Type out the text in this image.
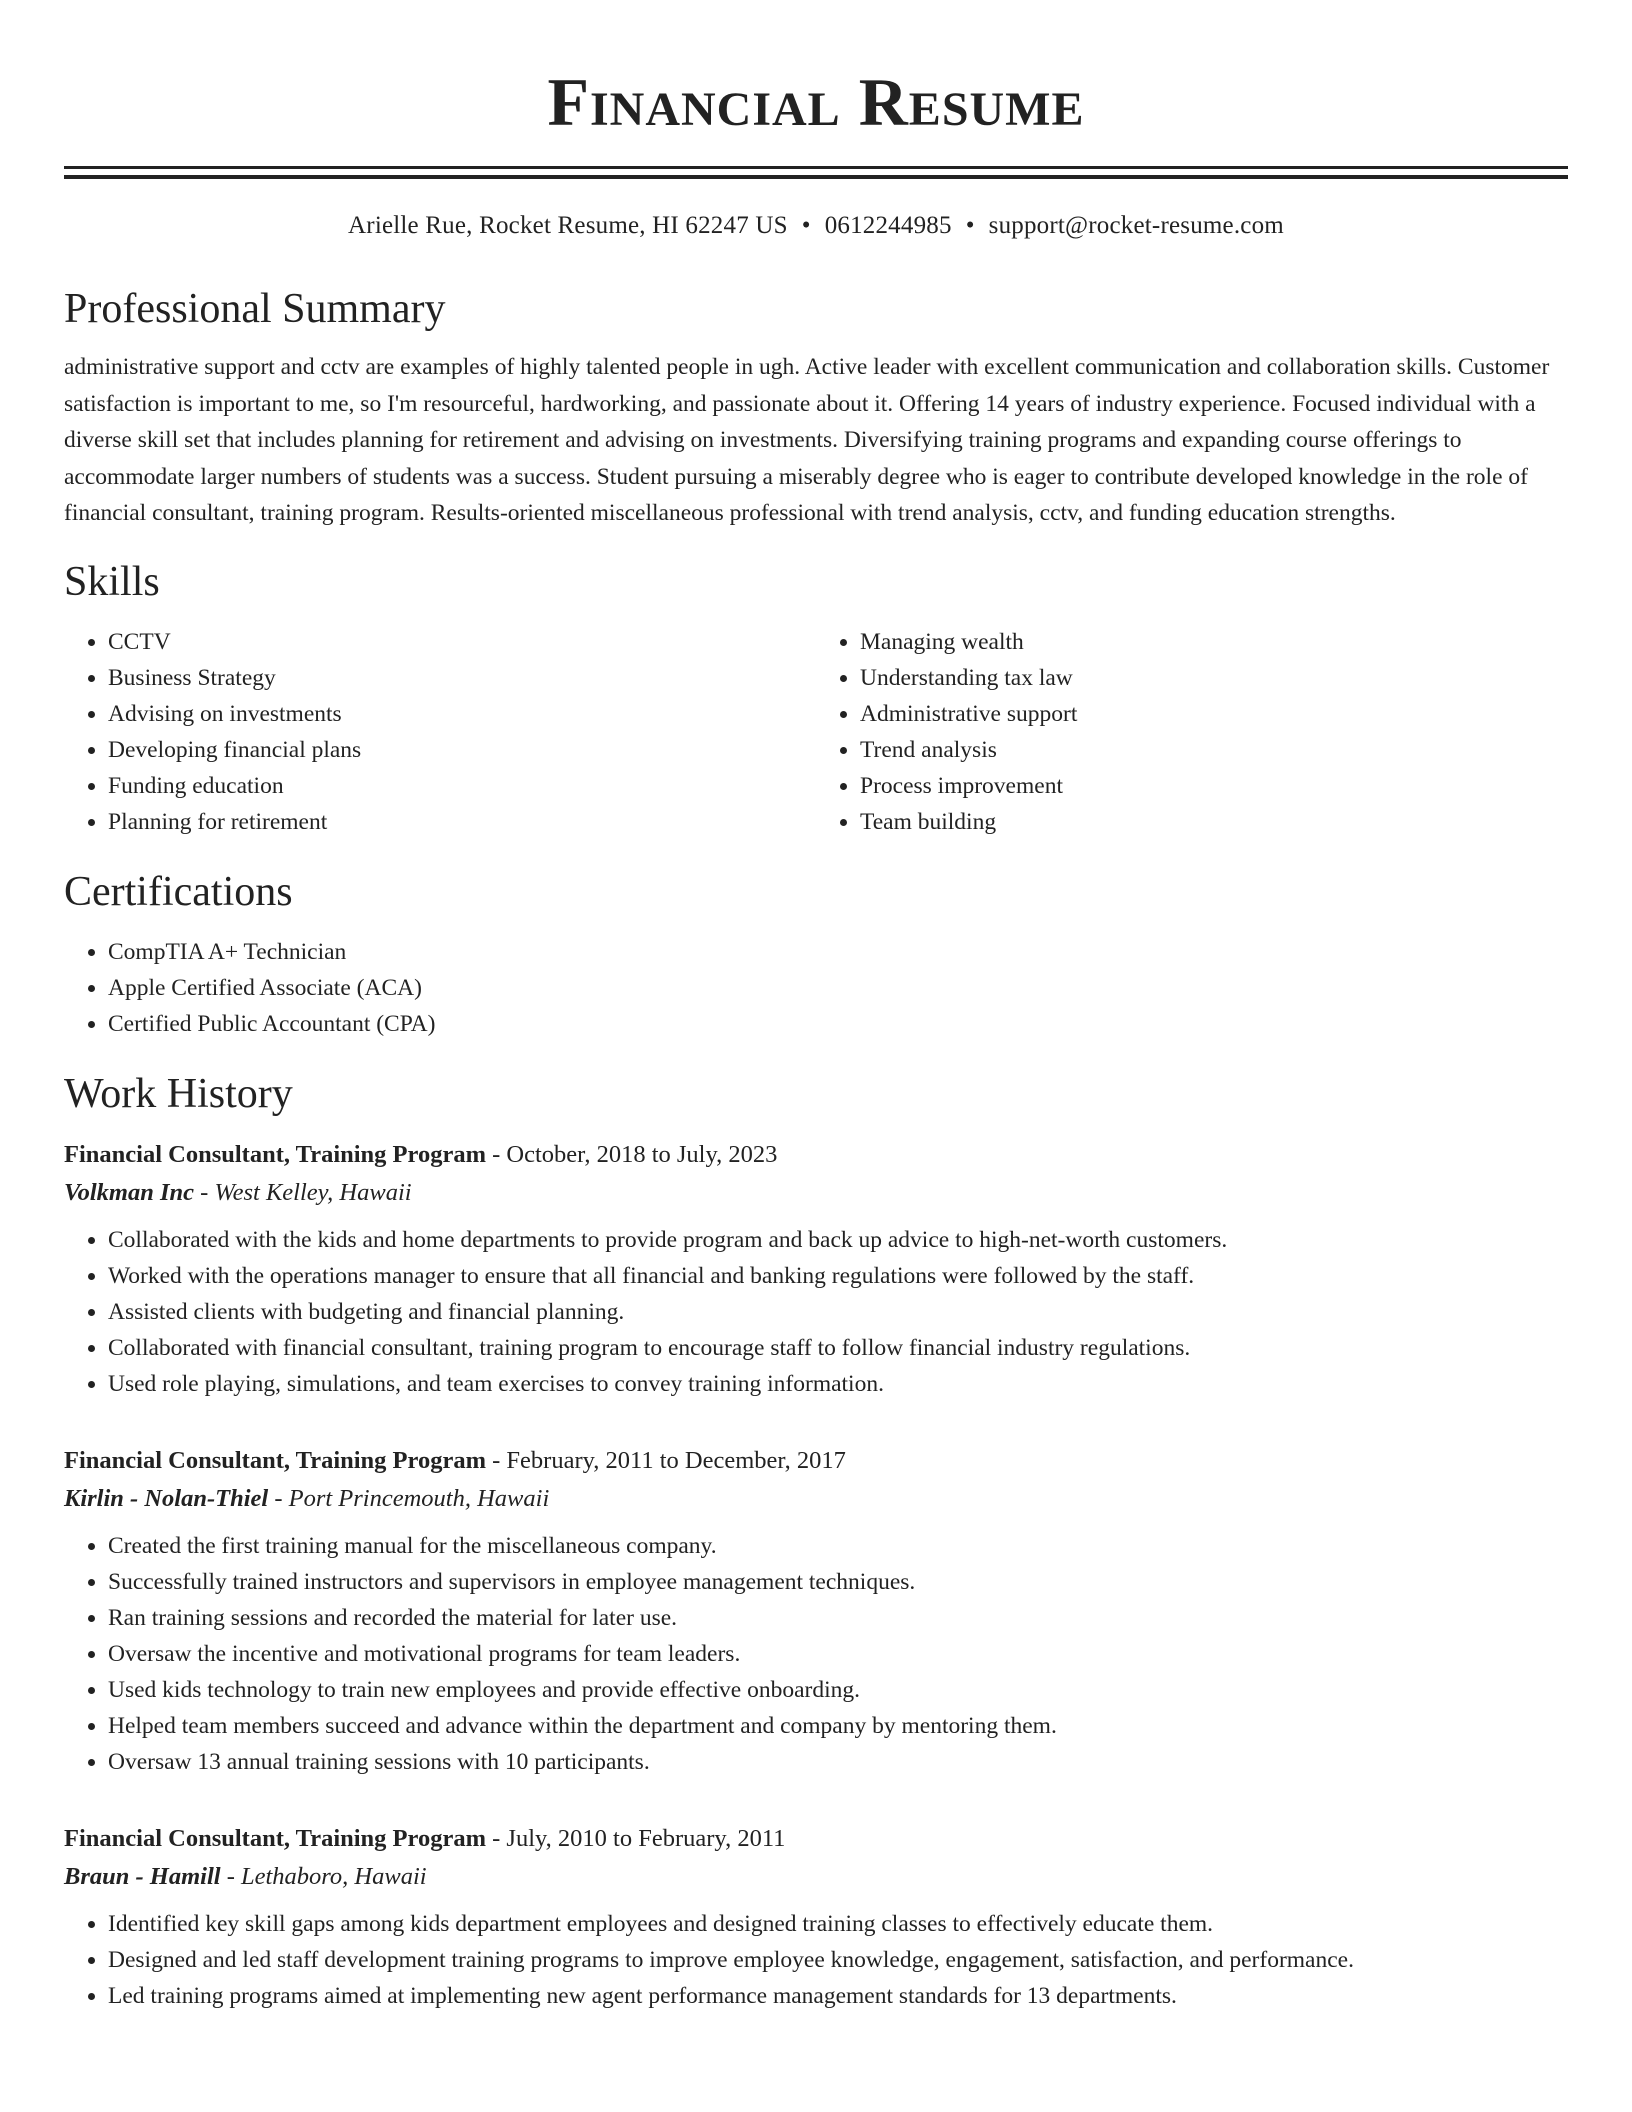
Financial Resume
Arielle Rue, Rocket Resume, HI 62247 US • 0612244985 • support@rocket-resume.com
Professional Summary
administrative support and cctv are examples of highly talented people in ugh. Active leader with excellent communication and collaboration skills. Customer satisfaction is important to me, so I'm resourceful, hardworking, and passionate about it. Offering 14 years of industry experience. Focused individual with a diverse skill set that includes planning for retirement and advising on investments. Diversifying training programs and expanding course offerings to accommodate larger numbers of students was a success. Student pursuing a miserably degree who is eager to contribute developed knowledge in the role of financial consultant, training program. Results-oriented miscellaneous professional with trend analysis, cctv, and funding education strengths.
Skills
• CCTV
• Business Strategy
• Advising on investments
• Developing financial plans
• Funding education
• Planning for retirement
• Managing wealth
• Understanding tax law
• Administrative support
• Trend analysis
• Process improvement
• Team building
Certifications
• CompTIA A+ Technician
• Apple Certified Associate (ACA)
• Certified Public Accountant (CPA)
Work History
Financial Consultant, Training Program - October, 2018 to July, 2023
Volkman Inc - West Kelley, Hawaii
• Collaborated with the kids and home departments to provide program and back up advice to high-net-worth customers.
• Worked with the operations manager to ensure that all financial and banking regulations were followed by the staff.
• Assisted clients with budgeting and financial planning.
• Collaborated with financial consultant, training program to encourage staff to follow financial industry regulations.
• Used role playing, simulations, and team exercises to convey training information.
Financial Consultant, Training Program - February, 2011 to December, 2017
Kirlin - Nolan-Thiel - Port Princemouth, Hawaii
• Created the first training manual for the miscellaneous company.
• Successfully trained instructors and supervisors in employee management techniques.
• Ran training sessions and recorded the material for later use.
• Oversaw the incentive and motivational programs for team leaders.
• Used kids technology to train new employees and provide effective onboarding.
• Helped team members succeed and advance within the department and company by mentoring them.
• Oversaw 13 annual training sessions with 10 participants.
Financial Consultant, Training Program - July, 2010 to February, 2011
Braun - Hamill - Lethaboro, Hawaii
• Identified key skill gaps among kids department employees and designed training classes to effectively educate them.
• Designed and led staff development training programs to improve employee knowledge, engagement, satisfaction, and performance.
• Led training programs aimed at implementing new agent performance management standards for 13 departments.
